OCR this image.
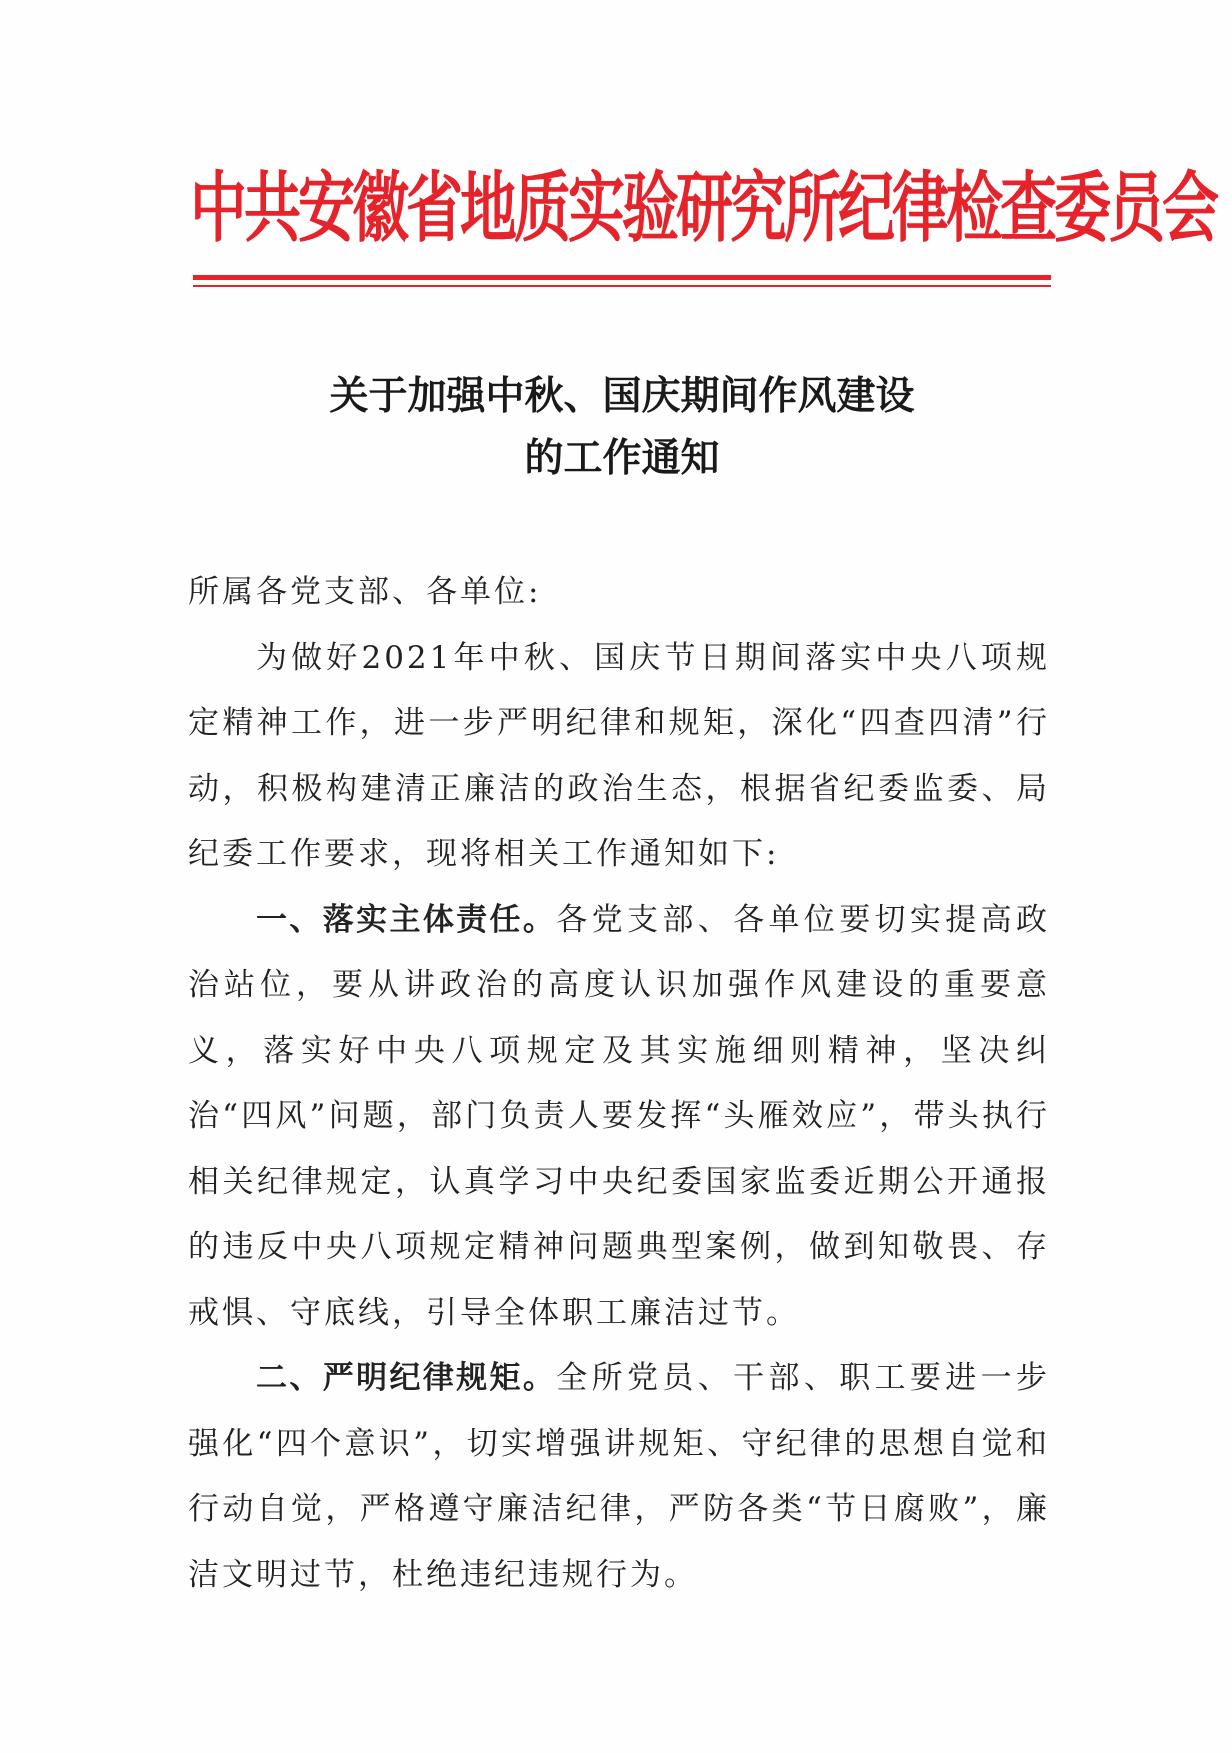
中共安徽省地质实验研究所纪律检查委员会
关于加强中秋、国庆期间作风建设
的工作通知

所属各党支部、各单位:

为做好2021年中秋、国庆节日期间落实中央八项规定精神工作，进一步严明纪律和规矩，深化“四查四清”行动，积极构建清正廉洁的政治生态，根据省纪委监委、局纪委工作要求，现将相关工作通知如下:

一、落实主体责任。各党支部、各单位要切实提高政治站位，要从讲政治的高度认识加强作风建设的重要意义，落实好中央八项规定及其实施细则精神，坚决纠治“四风”问题，部门负责人要发挥“头雁效应”，带头执行相关纪律规定，认真学习中央纪委国家监委近期公开通报的违反中央八项规定精神问题典型案例，做到知敬畏、存戒惧、守底线，引导全体职工廉洁过节。

二、严明纪律规矩。全所党员、干部、职工要进一步强化“四个意识”，切实增强讲规矩、守纪律的思想自觉和行动自觉，严格遵守廉洁纪律，严防各类“节日腐败”，廉洁文明过节，杜绝违纪违规行为。
